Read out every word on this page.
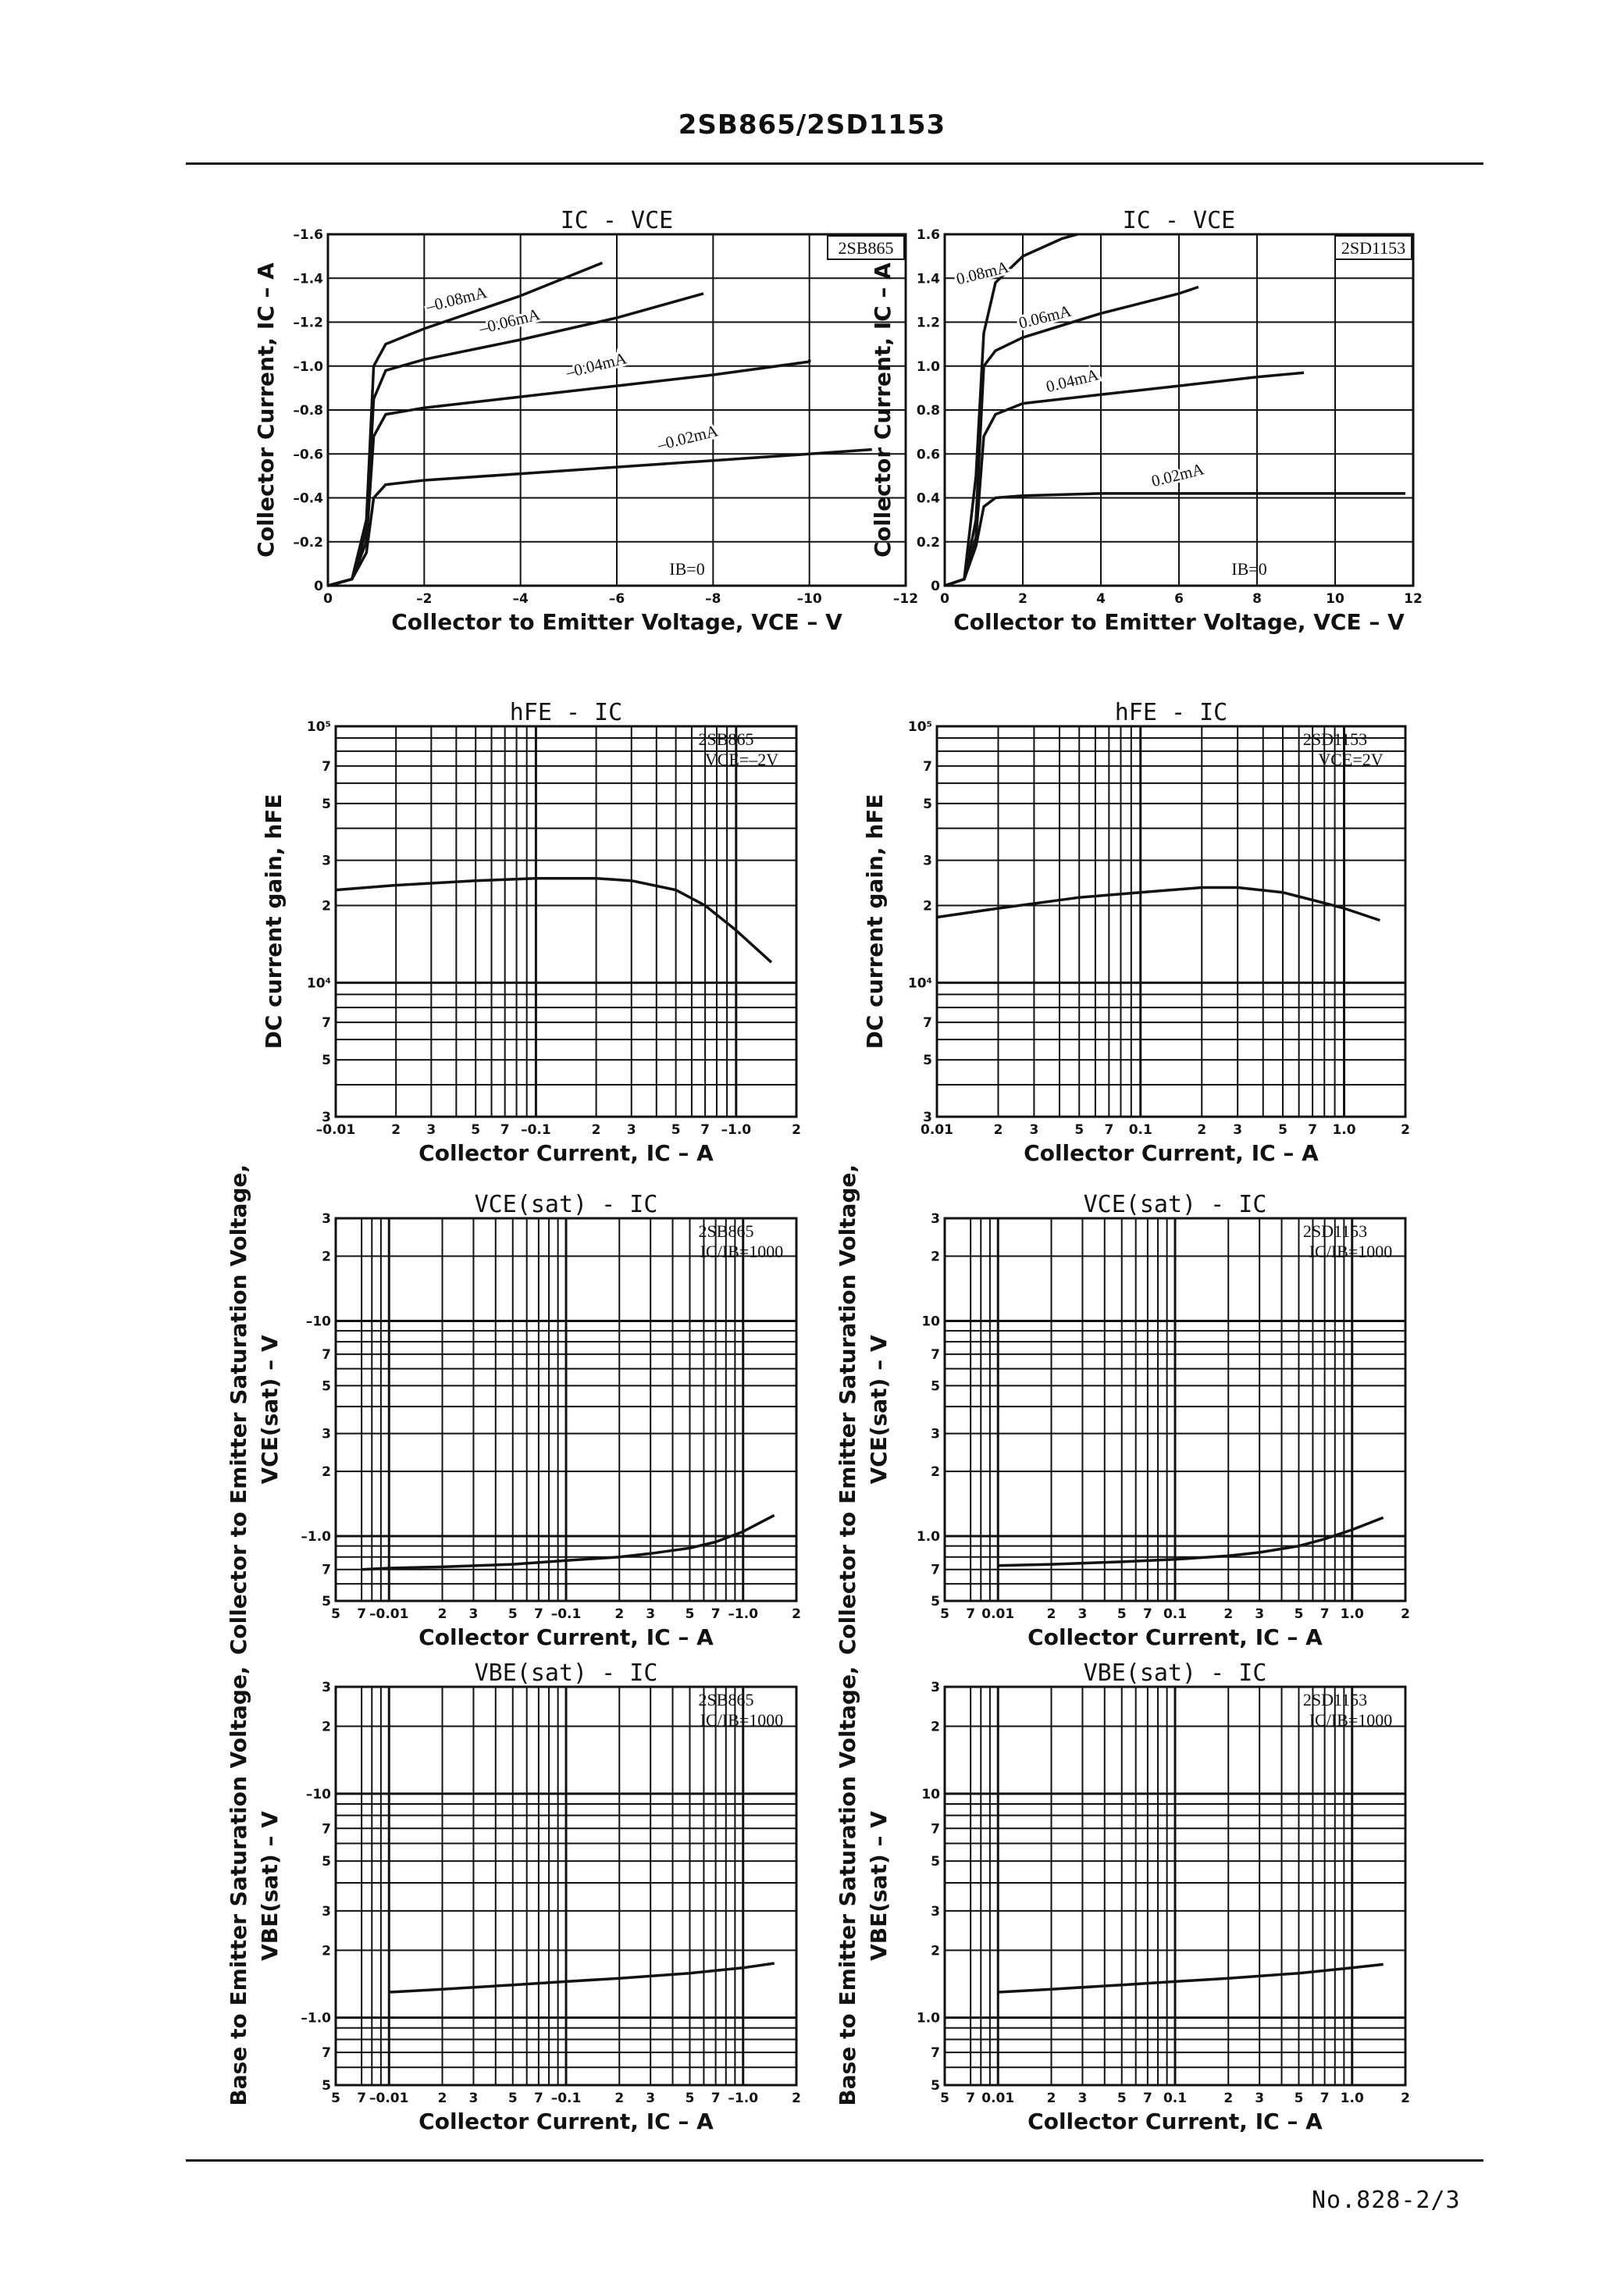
2SB865/2SD1153
0	–2	–4	–6	–8	–10	–12
0
–0.2
–0.4
–0.6
–0.8
–1.0
–1.2
–1.4
–1.6
IC - VCE
Collector to Emitter Voltage, VCE – V
Collector Current, IC – A
2SB865
IB=0
–0.02mA
–0.04mA
–0.06mA
–0.08mA
0	2	4	6	8	10	12
0
0.2
0.4
0.6
0.8
1.0
1.2
1.4
1.6
IC - VCE
Collector to Emitter Voltage, VCE – V
Collector Current, IC – A
2SD1153
IB=0
0.02mA
0.04mA
0.06mA
0.08mA
–0.01	2 3	5 7 –0.1	2 3	5 7 –1.0	2
3
5
7
10⁴
2
3
5
7
10⁵
hFE - IC
Collector Current, IC – A
DC current gain, hFE
2SB865
VCE=–2V
0.01	2 3	5 7 0.1	2 3	5 7 1.0	2
3
5
7
10⁴
2
3
5
7
10⁵
hFE - IC
Collector Current, IC – A
DC current gain, hFE
2SD1153
VCE=2V
5 7 –0.01 2 3 5 7 –0.1	2 3 5 7 –1.0	2
5
7
–1.0
2
3
5
7
–10
2
3
VCE(sat) - IC
Collector Current, IC – A
Collector to Emitter Saturation Voltage, VCE(sat) – V
2SB865
IC/IB=1000
5 7 0.01 2 3 5 7 0.1	2 3 5 7 1.0	2
5
7
1.0
2
3
5
7
10
2
3
VCE(sat) - IC
Collector Current, IC – A
Collector to Emitter Saturation Voltage, VCE(sat) – V
2SD1153
IC/IB=1000
5 7 –0.01 2 3 5 7 –0.1	2 3 5 7 –1.0	2
5
7
–1.0
2
3
5
7
–10
2
3
VBE(sat) - IC
Collector Current, IC – A
Base to Emitter Saturation Voltage, VBE(sat) – V
2SB865
IC/IB=1000
5 7 0.01 2 3 5 7 0.1	2 3 5 7 1.0	2
5
7
1.0
2
3
5
7
10
2
3
VBE(sat) - IC
Collector Current, IC – A
Base to Emitter Saturation Voltage, VBE(sat) – V
2SD1153
IC/IB=1000
No.828-2/3
